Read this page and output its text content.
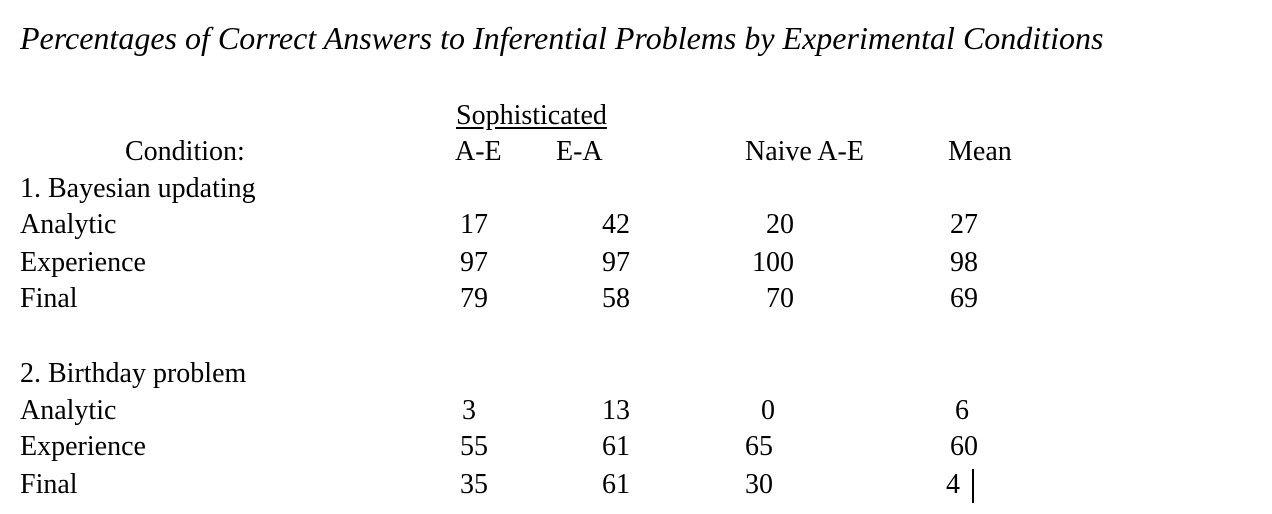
Percentages of Correct Answers to Inferential Problems by Experimental Conditions
Sophisticated
Condition:	A-E E-A	Naive A-E	Mean
1. Bayesian updating
Analytic	17	42	20	27
Experience	97	97	100	98
Final	79	58	70	69
2. Birthday problem
Analytic	3	13	0	6
Experience	55	61	65	60
Final	35	61	30	4
